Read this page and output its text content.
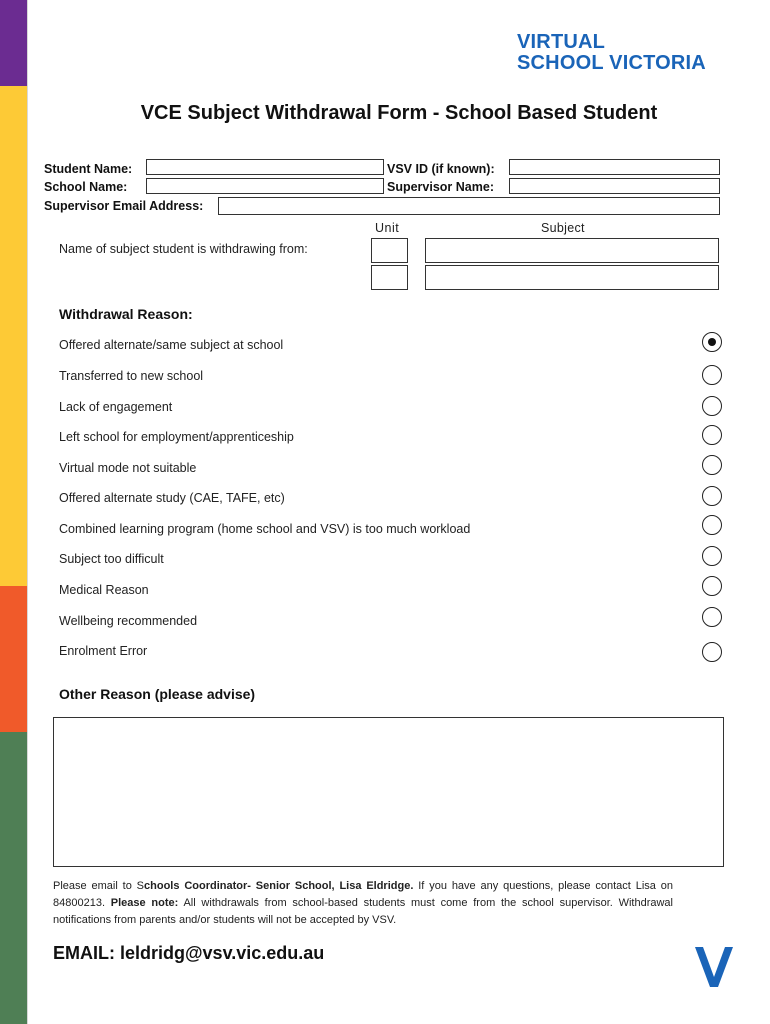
VIRTUAL
SCHOOL VICTORIA
VCE Subject Withdrawal Form - School Based Student
Student Name:	VSV ID (if known):
School Name:	Supervisor Name:
Supervisor Email Address:
Unit	Subject
Name of subject student is withdrawing from:
Withdrawal Reason:
Offered alternate/same subject at school
Transferred to new school
Lack of engagement
Left school for employment/apprenticeship
Virtual mode not suitable
Offered alternate study (CAE, TAFE, etc)
Combined learning program (home school and VSV) is too much workload
Subject too difficult
Medical Reason
Wellbeing recommended
Enrolment Error
Other Reason (please advise)
Please email to Schools Coordinator- Senior School, Lisa Eldridge. If you have any questions, please contact Lisa on 84800213. Please note: All withdrawals from school-based students must come from the school supervisor. Withdrawal notifications from parents and/or students will not be accepted by VSV.
EMAIL: leldridg@vsv.vic.edu.au
